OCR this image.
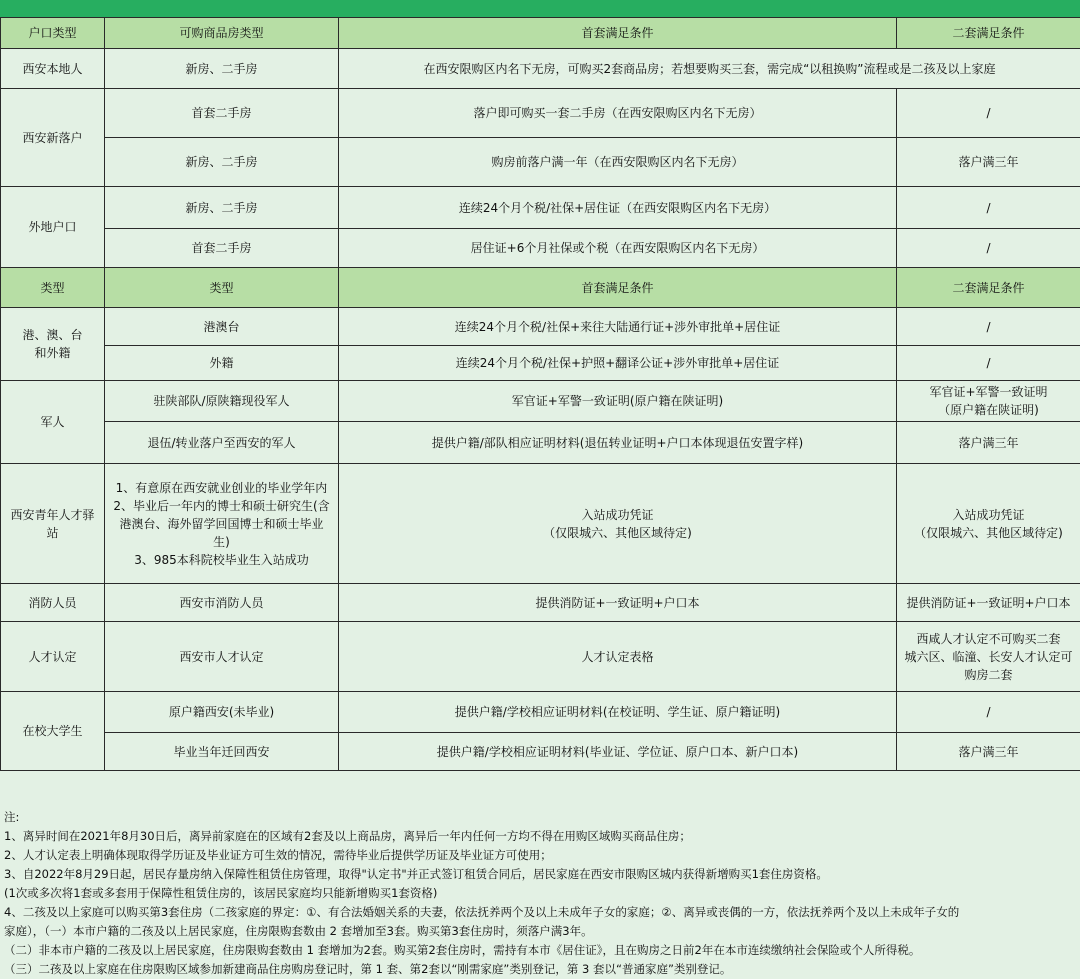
户口类型	可购商品房类型	首套满足条件	二套满足条件
西安本地人	新房、二手房	在西安限购区内名下无房，可购买2套商品房；若想要购买三套，需完成“以租换购”流程或是二孩及以上家庭	
西安新落户	首套二手房	落户即可购买一套二手房（在西安限购区内名下无房）	/
	新房、二手房	购房前落户满一年（在西安限购区内名下无房）	落户满三年
外地户口	新房、二手房	连续24个月个税/社保+居住证（在西安限购区内名下无房）	/
	首套二手房	居住证+6个月社保或个税（在西安限购区内名下无房）	/
类型	类型	首套满足条件	二套满足条件
港、澳、台
和外籍	港澳台	连续24个月个税/社保+来往大陆通行证+涉外审批单+居住证	/
	外籍	连续24个月个税/社保+护照+翻译公证+涉外审批单+居住证	/
军人	驻陕部队/原陕籍现役军人	军官证+军警一致证明(原户籍在陕证明)	军官证+军警一致证明
（原户籍在陕证明)
	退伍/转业落户至西安的军人	提供户籍/部队相应证明材料(退伍转业证明+户口本体现退伍安置字样)	落户满三年
西安青年人才驿
站	1、有意原在西安就业创业的毕业学年内
2、毕业后一年内的博士和硕士研究生(含
港澳台、海外留学回国博士和硕士毕业
生)
3、985本科院校毕业生入站成功	入站成功凭证
（仅限城六、其他区域待定)	入站成功凭证
（仅限城六、其他区域待定)
消防人员	西安市消防人员	提供消防证+一致证明+户口本	提供消防证+一致证明+户口本
人才认定	西安市人才认定	人才认定表格	西咸人才认定不可购买二套
城六区、临潼、长安人才认定可
购房二套
在校大学生	原户籍西安(未毕业)	提供户籍/学校相应证明材料(在校证明、学生证、原户籍证明)	/
	毕业当年迁回西安	提供户籍/学校相应证明材料(毕业证、学位证、原户口本、新户口本)	落户满三年
注:
1、离异时间在2021年8月30日后，离异前家庭在的区域有2套及以上商品房，离异后一年内任何一方均不得在用购区域购买商品住房；
2、人才认定表上明确体现取得学历证及毕业证方可生效的情况，需待毕业后提供学历证及毕业证方可使用；
3、自2022年8月29日起，居民存量房纳入保障性租赁住房管理，取得"认定书"并正式签订租赁合同后，居民家庭在西安市限购区城内获得新增购买1套住房资格。
(1次或多次将1套或多套用于保障性租赁住房的，该居民家庭均只能新增购买1套资格)
4、二孩及以上家庭可以购买第3套住房（二孩家庭的界定：①、有合法婚姻关系的夫妻，依法抚养两个及以上未成年子女的家庭；②、离异或丧偶的一方，依法抚养两个及以上未成年子女的
家庭），（一）本市户籍的二孩及以上居民家庭，住房限购套数由 2 套增加至3套。购买第3套住房时，须落户满3年。
（二）非本市户籍的二孩及以上居民家庭，住房限购套数由 1 套增加为2套。购买第2套住房时，需持有本市《居住证》，且在购房之日前2年在本市连续缴纳社会保险或个人所得税。
（三）二孩及以上家庭在住房限购区域参加新建商品住房购房登记时，第 1 套、第2套以“刚需家庭”类别登记，第 3 套以“普通家庭”类别登记。
